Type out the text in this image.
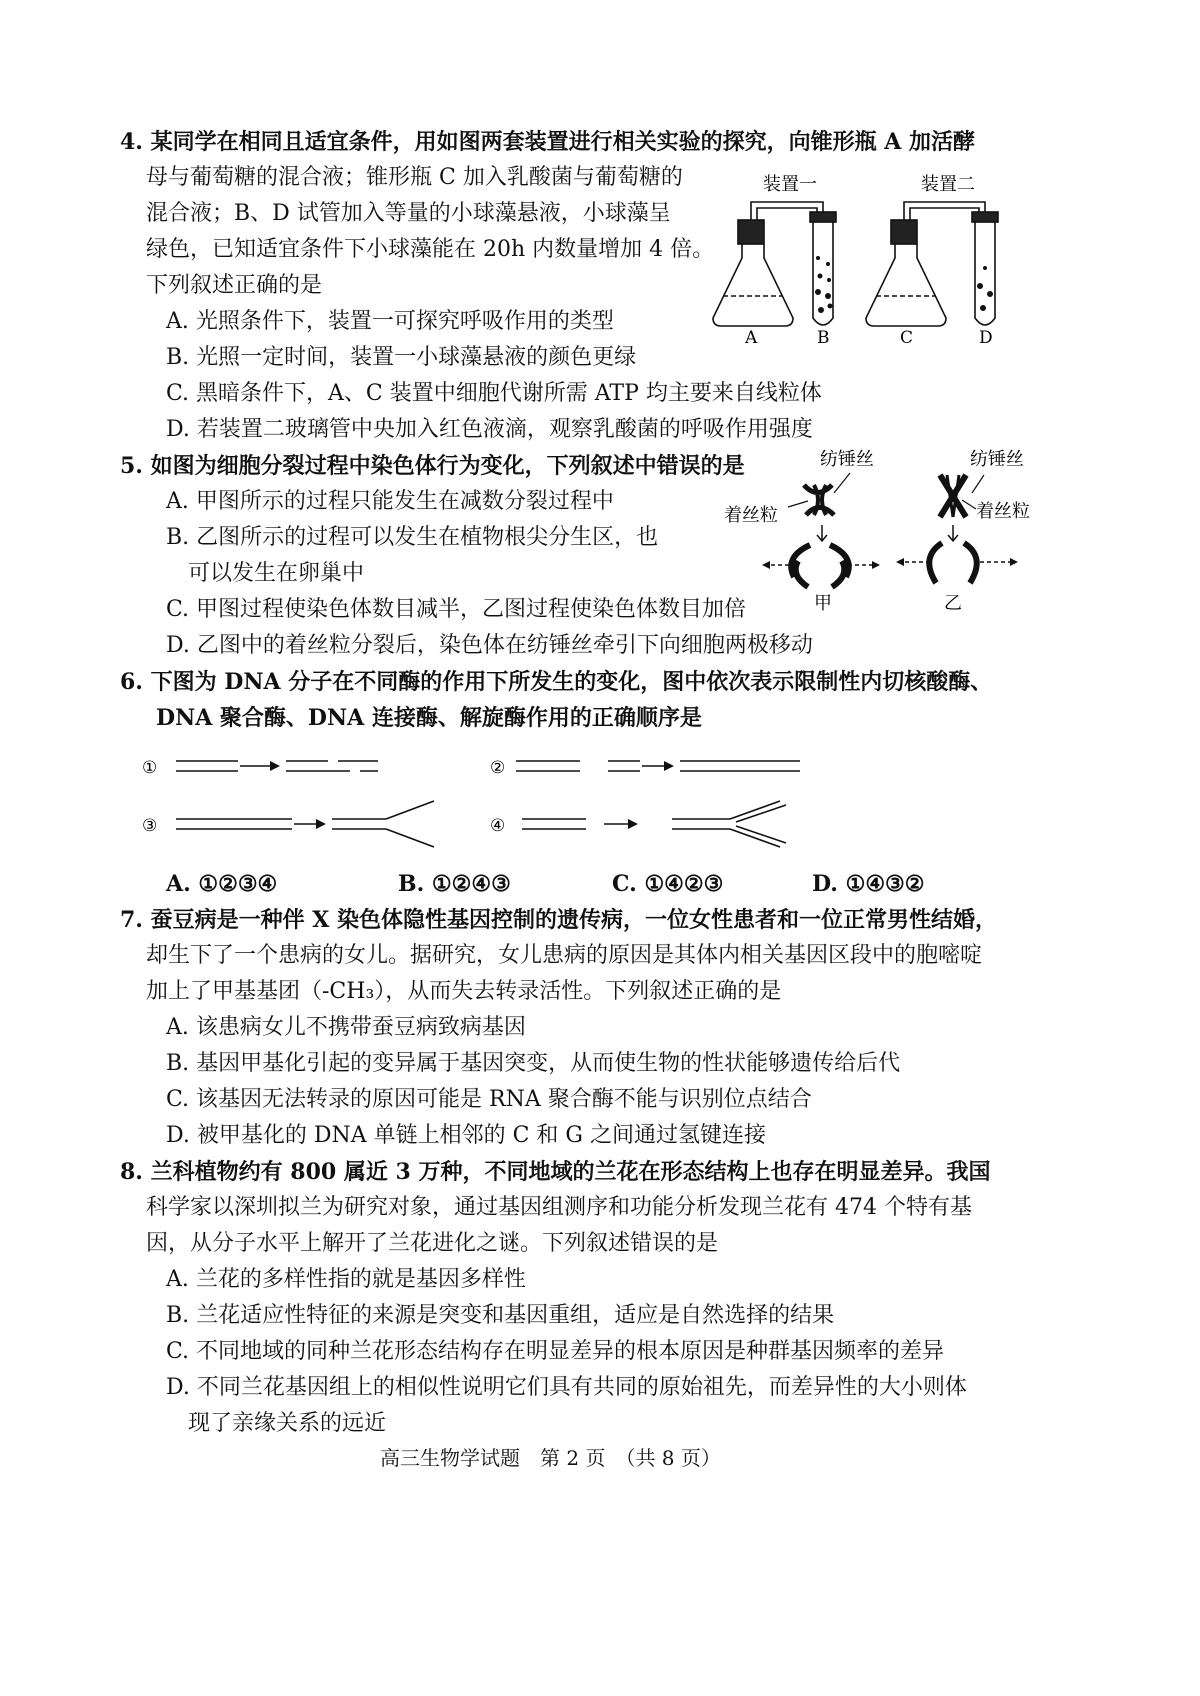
4. 某同学在相同且适宜条件，用如图两套装置进行相关实验的探究，向锥形瓶 A 加活酵
母与葡萄糖的混合液；锥形瓶 C 加入乳酸菌与葡萄糖的
混合液；B、D 试管加入等量的小球藻悬液，小球藻呈
绿色，已知适宜条件下小球藻能在 20h 内数量增加 4 倍。
下列叙述正确的是
A. 光照条件下，装置一可探究呼吸作用的类型
B. 光照一定时间，装置一小球藻悬液的颜色更绿
C. 黑暗条件下，A、C 装置中细胞代谢所需 ATP 均主要来自线粒体
D. 若装置二玻璃管中央加入红色液滴，观察乳酸菌的呼吸作用强度
装置一	装置二
A	B	C	D
5. 如图为细胞分裂过程中染色体行为变化，下列叙述中错误的是
A. 甲图所示的过程只能发生在减数分裂过程中
B. 乙图所示的过程可以发生在植物根尖分生区，也
可以发生在卵巢中
C. 甲图过程使染色体数目减半，乙图过程使染色体数目加倍
D. 乙图中的着丝粒分裂后，染色体在纺锤丝牵引下向细胞两极移动
纺锤丝	纺锤丝
着丝粒	着丝粒
甲	乙
6. 下图为 DNA 分子在不同酶的作用下所发生的变化，图中依次表示限制性内切核酸酶、
DNA 聚合酶、DNA 连接酶、解旋酶作用的正确顺序是
①	②
③	④
A. ①②③④	B. ①②④③	C. ①④②③	D. ①④③②
7. 蚕豆病是一种伴 X 染色体隐性基因控制的遗传病，一位女性患者和一位正常男性结婚，
却生下了一个患病的女儿。据研究，女儿患病的原因是其体内相关基因区段中的胞嘧啶
加上了甲基基团（-CH₃），从而失去转录活性。下列叙述正确的是
A. 该患病女儿不携带蚕豆病致病基因
B. 基因甲基化引起的变异属于基因突变，从而使生物的性状能够遗传给后代
C. 该基因无法转录的原因可能是 RNA 聚合酶不能与识别位点结合
D. 被甲基化的 DNA 单链上相邻的 C 和 G 之间通过氢键连接
8. 兰科植物约有 800 属近 3 万种，不同地域的兰花在形态结构上也存在明显差异。我国
科学家以深圳拟兰为研究对象，通过基因组测序和功能分析发现兰花有 474 个特有基
因，从分子水平上解开了兰花进化之谜。下列叙述错误的是
A. 兰花的多样性指的就是基因多样性
B. 兰花适应性特征的来源是突变和基因重组，适应是自然选择的结果
C. 不同地域的同种兰花形态结构存在明显差异的根本原因是种群基因频率的差异
D. 不同兰花基因组上的相似性说明它们具有共同的原始祖先，而差异性的大小则体
现了亲缘关系的远近
高三生物学试题　第 2 页　（共 8 页）
